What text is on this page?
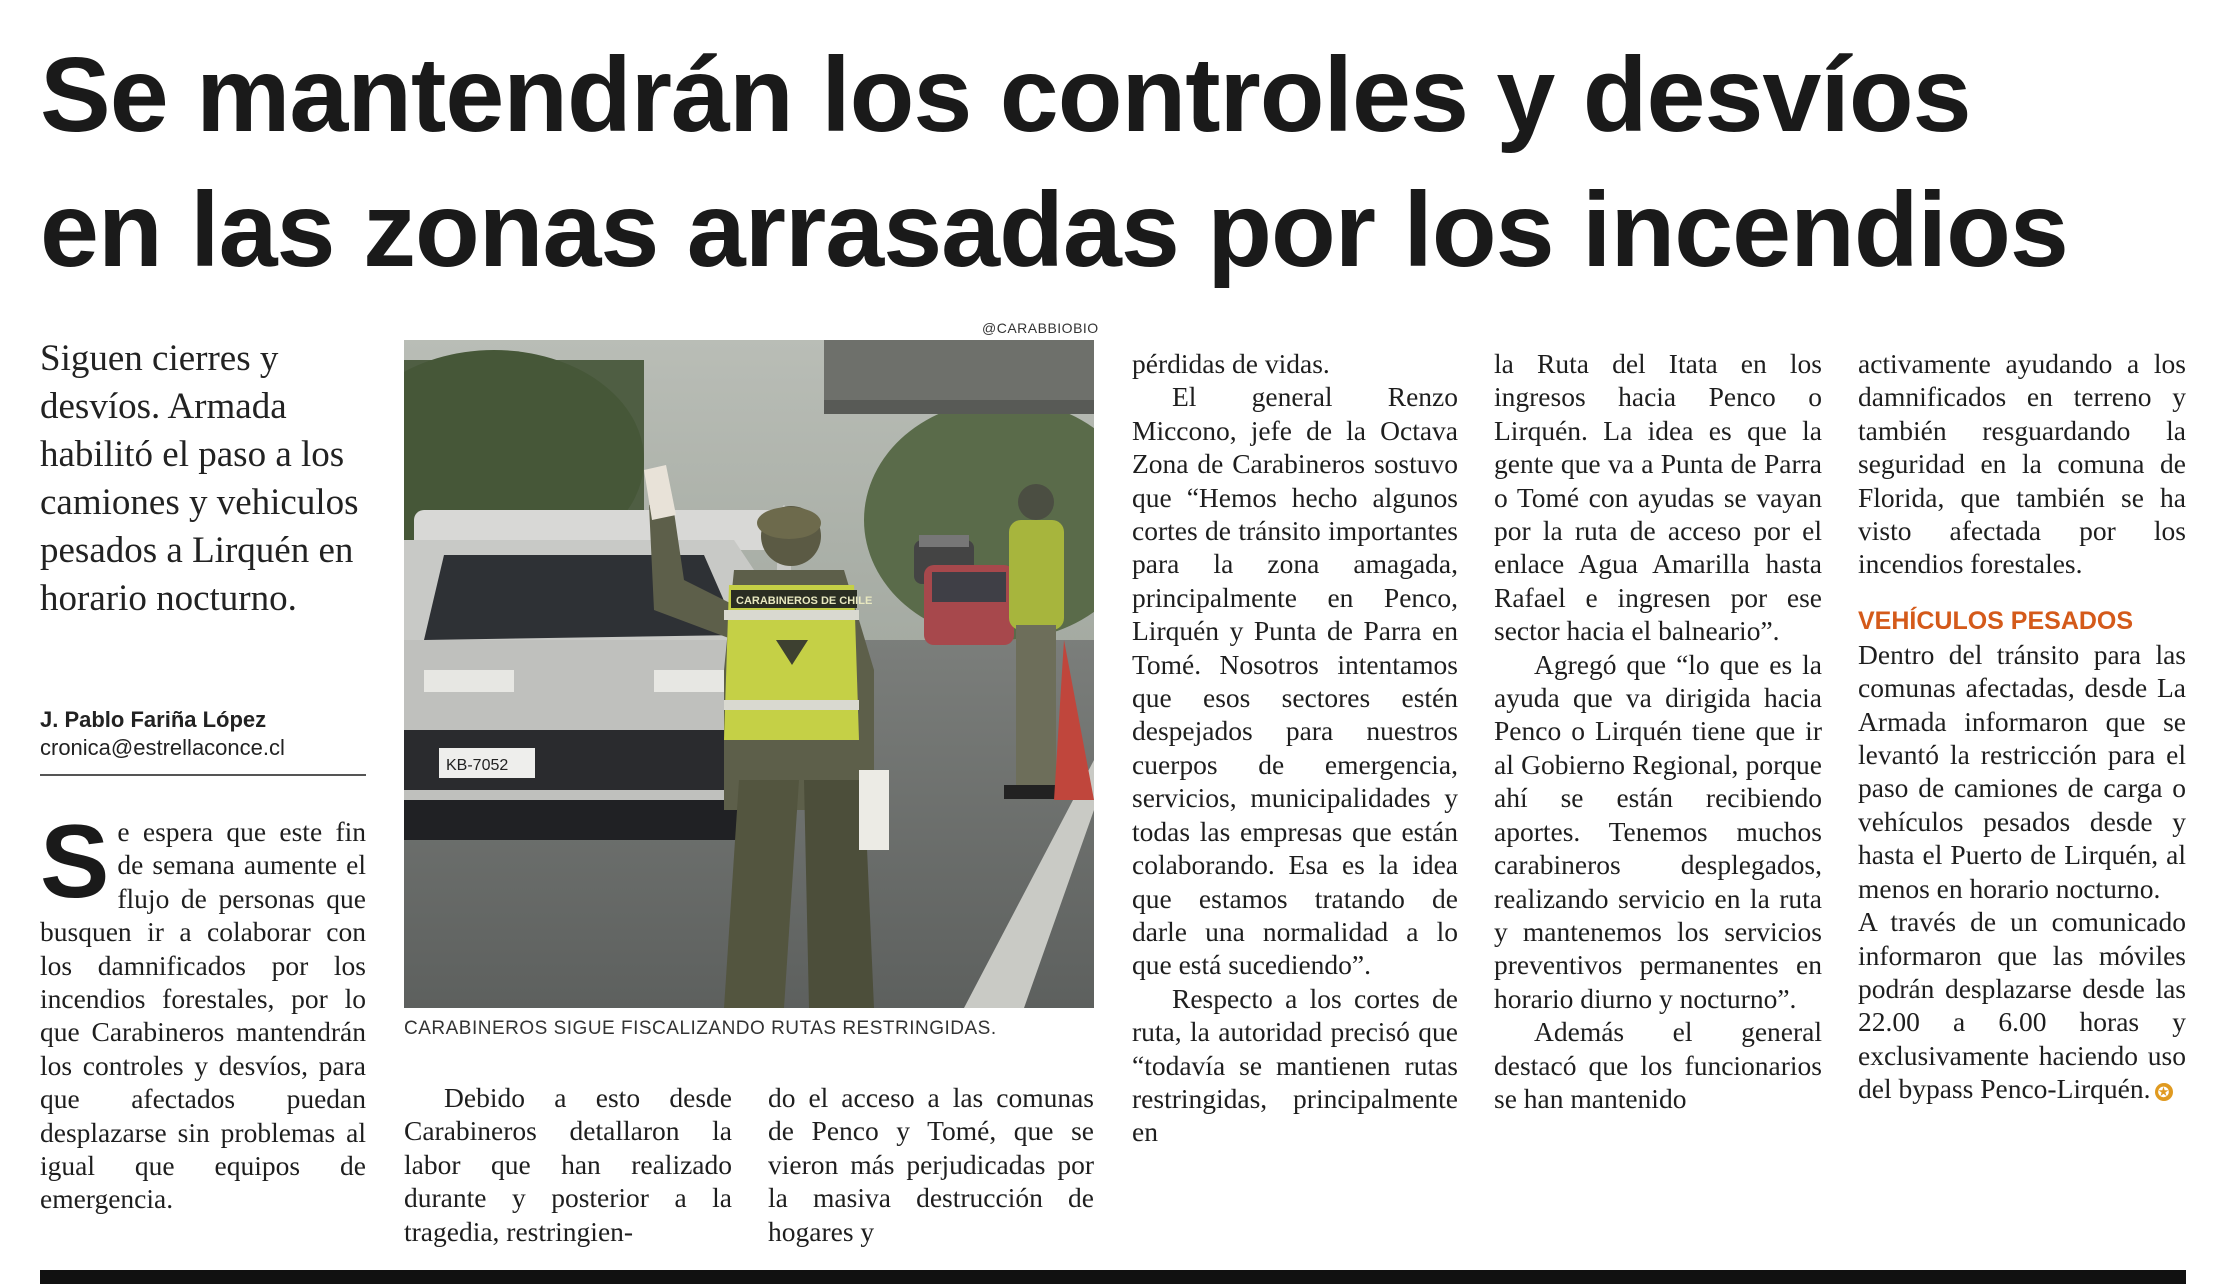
Se mantendrán los controles y desvíos
en las zonas arrasadas por los incendios
Siguen cierres y desvíos. Armada habilitó el paso a los camiones y vehiculos pesados a Lirquén en horario nocturno.
J. Pablo Fariña López
cronica@estrellaconce.cl
S e espera que este fin de semana aumente el flujo de personas que busquen ir a colaborar con los damnificados por los incendios forestales, por lo que Carabineros mantendrán los controles y desvíos, para que afectados puedan desplazarse sin problemas al igual que equipos de emergencia.

@CARABBIOBIO
KB-7052
CARABINEROS DE CHILE
CARABINEROS SIGUE FISCALIZANDO RUTAS RESTRINGIDAS.

Debido a esto desde Carabineros detallaron la labor que han realizado durante y posterior a la tragedia, restringien-

do el acceso a las comunas de Penco y Tomé, que se vieron más perjudicadas por la masiva destrucción de hogares y

pérdidas de vidas.

El general Renzo Miccono, jefe de la Octava Zona de Carabineros sostuvo que “Hemos hecho algunos cortes de tránsito importantes para la zona amagada, principalmente en Penco, Lirquén y Punta de Parra en Tomé. Nosotros intentamos que esos sectores estén despejados para nuestros cuerpos de emergencia, servicios, municipalidades y todas las empresas que están colaborando. Esa es la idea que estamos tratando de darle una normalidad a lo que está sucediendo”.

Respecto a los cortes de ruta, la autoridad precisó que “todavía se mantienen rutas restringidas, principalmente en

la Ruta del Itata en los ingresos hacia Penco o Lirquén. La idea es que la gente que va a Punta de Parra o Tomé con ayudas se vayan por la ruta de acceso por el enlace Agua Amarilla hasta Rafael e ingresen por ese sector hacia el balneario”.

Agregó que “lo que es la ayuda que va dirigida hacia Penco o Lirquén tiene que ir al Gobierno Regional, porque ahí se están recibiendo aportes. Tenemos muchos carabineros desplegados, realizando servicio en la ruta y mantenemos los servicios preventivos permanentes en horario diurno y nocturno”.

Además el general destacó que los funcionarios se han mantenido

activamente ayudando a los damnificados en terreno y también resguardando la seguridad en la comuna de Florida, que también se ha visto afectada por los incendios forestales.

VEHÍCULOS PESADOS

Dentro del tránsito para las comunas afectadas, desde La Armada informaron que se levantó la restricción para el paso de camiones de carga o vehículos pesados desde y hasta el Puerto de Lirquén, al menos en horario nocturno.

A través de un comunicado informaron que las móviles podrán desplazarse desde las 22.00 a 6.00 horas y exclusivamente haciendo uso del bypass Penco-Lirquén. ✪
